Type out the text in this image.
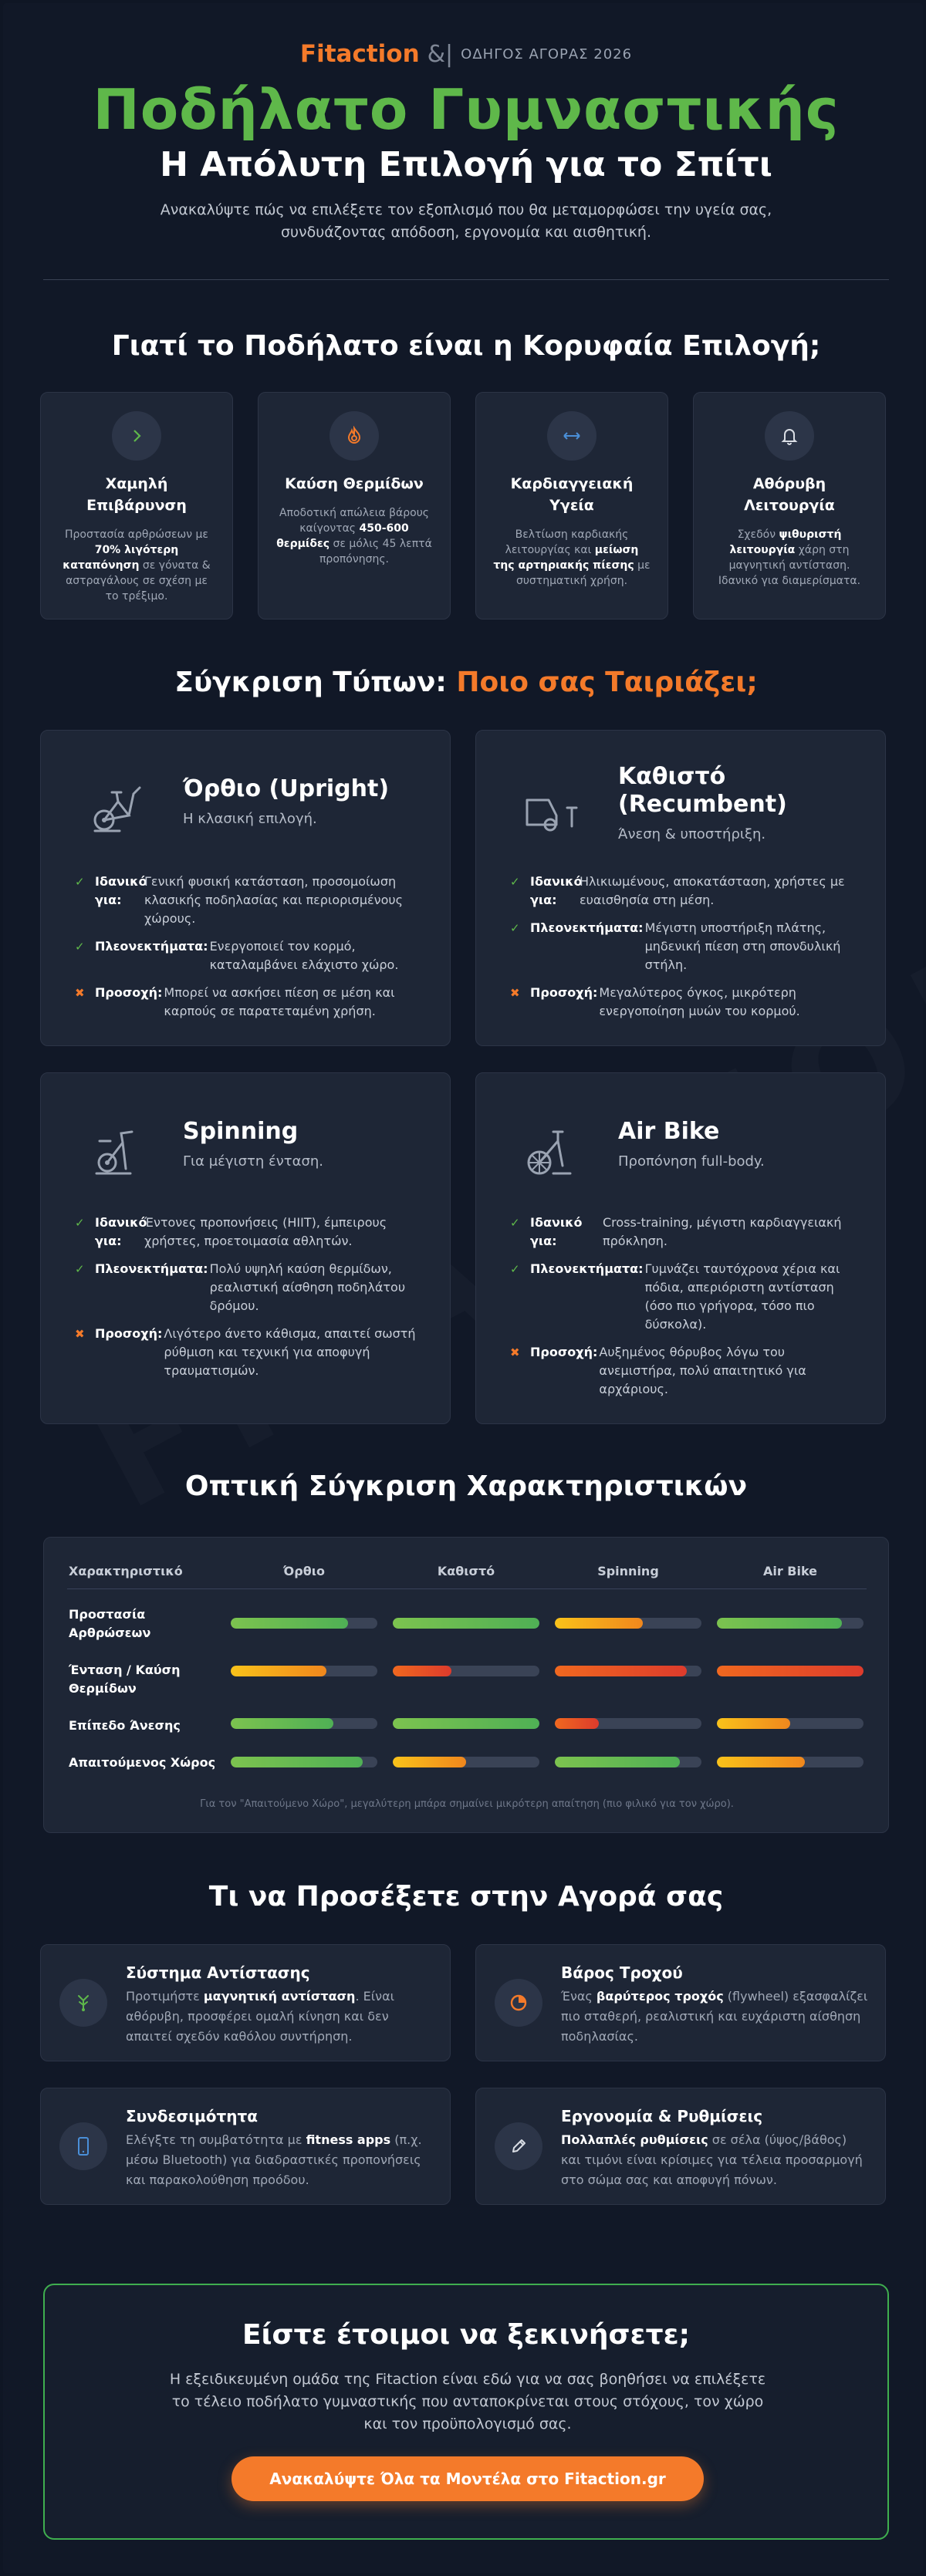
Fitaction &| ΟΔΗΓΟΣ ΑΓΟΡΑΣ 2026
Ποδήλατο Γυμναστικής
Η Απόλυτη Επιλογή για το Σπίτι
Ανακαλύψτε πώς να επιλέξετε τον εξοπλισμό που θα μεταμορφώσει την υγεία σας, συνδυάζοντας απόδοση, εργονομία και αισθητική.
Γιατί το Ποδήλατο είναι η Κορυφαία Επιλογή;
Χαμηλή Επιβάρυνση
Προστασία αρθρώσεων με 70% λιγότερη καταπόνηση σε γόνατα & αστραγάλους σε σχέση με το τρέξιμο.
Καύση Θερμίδων
Αποδοτική απώλεια βάρους καίγοντας 450-600 θερμίδες σε μόλις 45 λεπτά προπόνησης.
Καρδιαγγειακή Υγεία
Βελτίωση καρδιακής λειτουργίας και μείωση της αρτηριακής πίεσης με συστηματική χρήση.
Αθόρυβη Λειτουργία
Σχεδόν ψιθυριστή λειτουργία χάρη στη μαγνητική αντίσταση. Ιδανικό για διαμερίσματα.
Σύγκριση Τύπων: Ποιο σας Ταιριάζει;
Όρθιο (Upright)
Η κλασική επιλογή.
✓ Ιδανικό για:
Γενική φυσική κατάσταση, προσομοίωση κλασικής ποδηλασίας και περιορισμένους χώρους.
✓ Πλεονεκτήματα: Ενεργοποιεί τον κορμό, καταλαμβάνει ελάχιστο χώρο.
✖ Προσοχή: Μπορεί να ασκήσει πίεση σε μέση και καρπούς σε παρατεταμένη χρήση.
Καθιστό (Recumbent)
Άνεση & υποστήριξη.
✓ Ιδανικό για:
Ηλικιωμένους, αποκατάσταση, χρήστες με ευαισθησία στη μέση.
✓ Πλεονεκτήματα: Μέγιστη υποστήριξη πλάτης, μηδενική πίεση στη σπονδυλική στήλη.
✖ Προσοχή: Μεγαλύτερος όγκος, μικρότερη ενεργοποίηση μυών του κορμού.
Spinning
Για μέγιστη ένταση.
✓ Ιδανικό για:
Έντονες προπονήσεις (HIIT), έμπειρους χρήστες, προετοιμασία αθλητών.
✓ Πλεονεκτήματα: Πολύ υψηλή καύση θερμίδων, ρεαλιστική αίσθηση ποδηλάτου δρόμου.
✖ Προσοχή: Λιγότερο άνετο κάθισμα, απαιτεί σωστή ρύθμιση και τεχνική για αποφυγή τραυματισμών.
Air Bike
Προπόνηση full-body.
✓ Ιδανικό για:
Cross-training, μέγιστη καρδιαγγειακή πρόκληση.
✓ Πλεονεκτήματα: Γυμνάζει ταυτόχρονα χέρια και πόδια, απεριόριστη αντίσταση (όσο πιο γρήγορα, τόσο πιο δύσκολα).
✖ Προσοχή: Αυξημένος θόρυβος λόγω του ανεμιστήρα, πολύ απαιτητικό για αρχάριους.
Οπτική Σύγκριση Χαρακτηριστικών
Χαρακτηριστικό	Όρθιο	Καθιστό	Spinning	Air Bike
Προστασία Αρθρώσεων
Ένταση / Καύση Θερμίδων
Επίπεδο Άνεσης
Απαιτούμενος Χώρος
Για τον "Απαιτούμενο Χώρο", μεγαλύτερη μπάρα σημαίνει μικρότερη απαίτηση (πιο φιλικό για τον χώρο).
Τι να Προσέξετε στην Αγορά σας
Σύστημα Αντίστασης
Προτιμήστε μαγνητική αντίσταση. Είναι αθόρυβη, προσφέρει ομαλή κίνηση και δεν απαιτεί σχεδόν καθόλου συντήρηση.
Βάρος Τροχού
Ένας βαρύτερος τροχός (flywheel) εξασφαλίζει πιο σταθερή, ρεαλιστική και ευχάριστη αίσθηση ποδηλασίας.
Συνδεσιμότητα
Ελέγξτε τη συμβατότητα με fitness apps (π.χ. μέσω Bluetooth) για διαδραστικές προπονήσεις και παρακολούθηση προόδου.
Εργονομία & Ρυθμίσεις
Πολλαπλές ρυθμίσεις σε σέλα (ύψος/βάθος) και τιμόνι είναι κρίσιμες για τέλεια προσαρμογή στο σώμα σας και αποφυγή πόνων.
Είστε έτοιμοι να ξεκινήσετε;
Η εξειδικευμένη ομάδα της Fitaction είναι εδώ για να σας βοηθήσει να επιλέξετε το τέλειο ποδήλατο γυμναστικής που ανταποκρίνεται στους στόχους, τον χώρο και τον προϋπολογισμό σας.
Ανακαλύψτε Όλα τα Μοντέλα στο Fitaction.gr
